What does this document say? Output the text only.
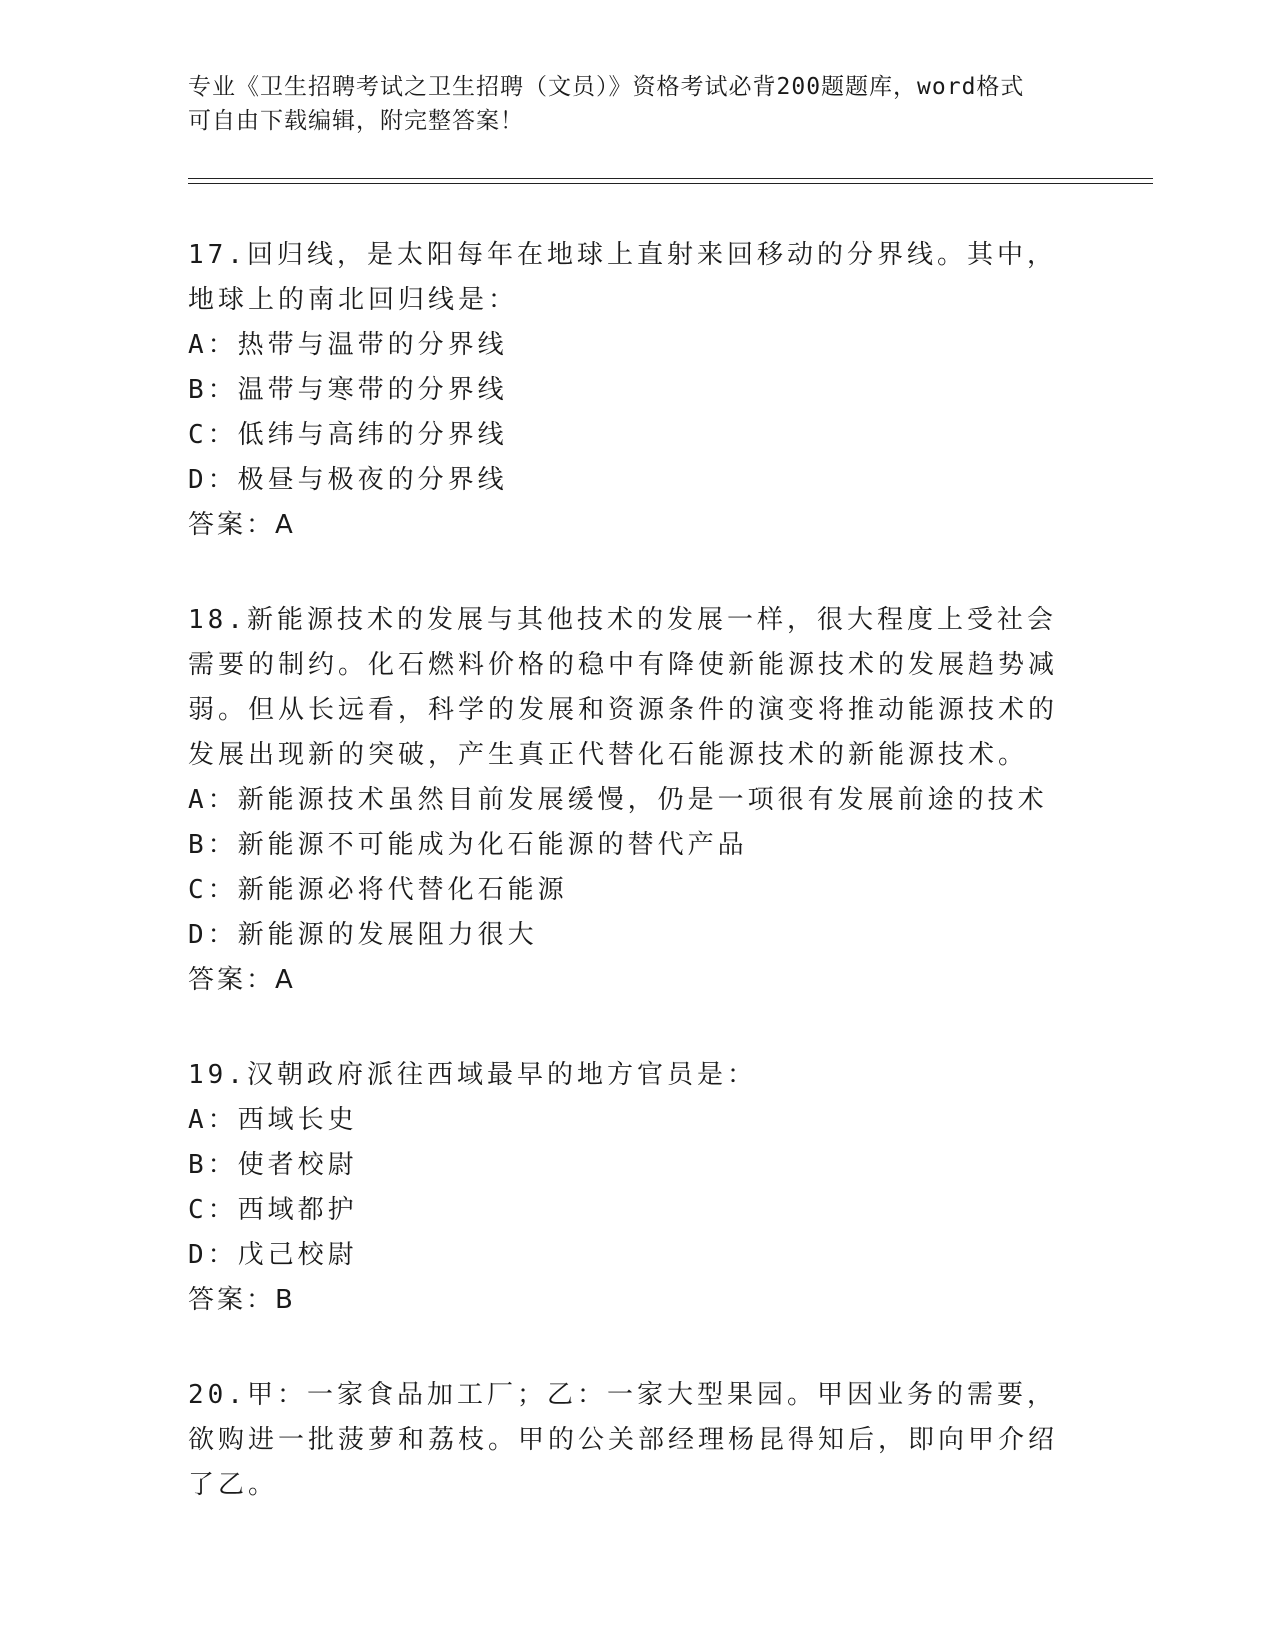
专业《卫生招聘考试之卫生招聘（文员）》资格考试必背200题题库，word格式

可自由下载编辑，附完整答案！

17.回归线，是太阳每年在地球上直射来回移动的分界线。其中，地球上的南北回归线是：

A：热带与温带的分界线

B：温带与寒带的分界线

C：低纬与高纬的分界线

D：极昼与极夜的分界线

答案：A

18.新能源技术的发展与其他技术的发展一样，很大程度上受社会需要的制约。化石燃料价格的稳中有降使新能源技术的发展趋势减弱。但从长远看，科学的发展和资源条件的演变将推动能源技术的发展出现新的突破，产生真正代替化石能源技术的新能源技术。

A：新能源技术虽然目前发展缓慢，仍是一项很有发展前途的技术

B：新能源不可能成为化石能源的替代产品

C：新能源必将代替化石能源

D：新能源的发展阻力很大

答案：A

19.汉朝政府派往西域最早的地方官员是：

A：西域长史

B：使者校尉

C：西域都护

D：戊己校尉

答案：B

20.甲：一家食品加工厂；乙：一家大型果园。甲因业务的需要，欲购进一批菠萝和荔枝。甲的公关部经理杨昆得知后，即向甲介绍了乙。
